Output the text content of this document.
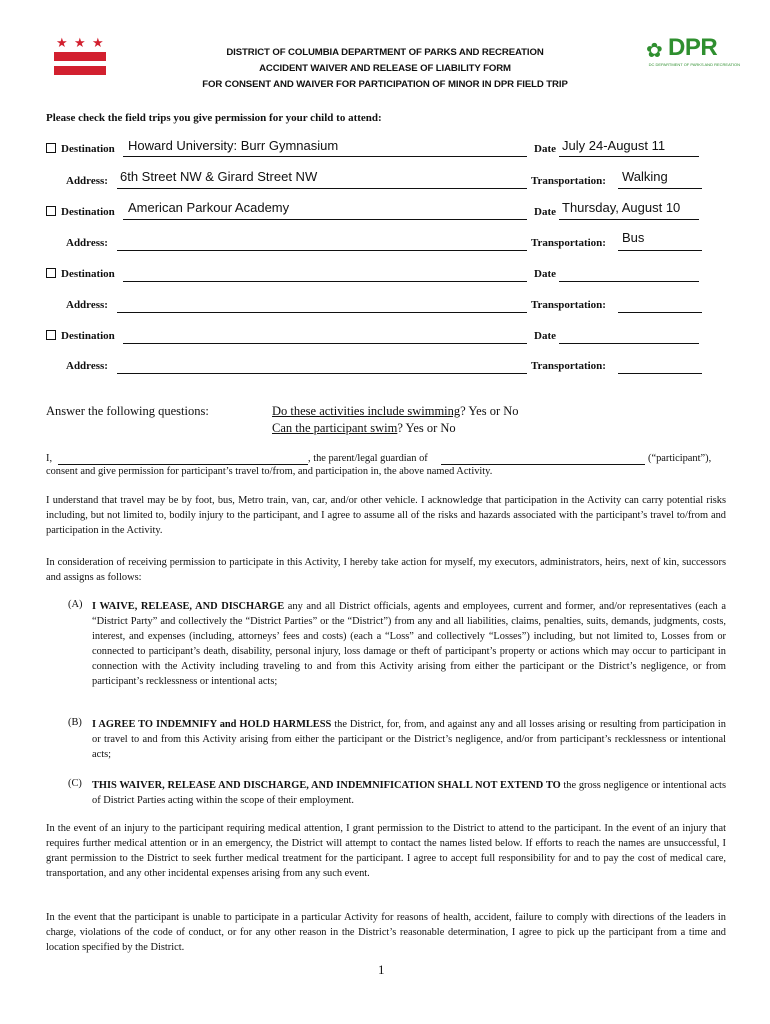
★ ★ ★	✿ DPR
DC DEPARTMENT OF PARKS AND RECREATION
DISTRICT OF COLUMBIA DEPARTMENT OF PARKS AND RECREATION
ACCIDENT WAIVER AND RELEASE OF LIABILITY FORM
FOR CONSENT AND WAIVER FOR PARTICIPATION OF MINOR IN DPR FIELD TRIP
Please check the field trips you give permission for your child to attend:
Destination Howard University: Burr Gymnasium	Date July 24-August 11
Address: 6th Street NW & Girard Street NW	Transportation: Walking
Destination American Parkour Academy	Date Thursday, August 10
Address:	Transportation: Bus
Destination	Date
Address:	Transportation:
Destination	Date
Address:	Transportation:
Answer the following questions:	Do these activities include swimming? Yes or No
Can the participant swim? Yes or No
I,	, the parent/legal guardian of	(“participant”),
consent and give permission for participant’s travel to/from, and participation in, the above named Activity.
I understand that travel may be by foot, bus, Metro train, van, car, and/or other vehicle. I acknowledge that participation in the Activity can carry potential risks including, but not limited to, bodily injury to the participant, and I agree to assume all of the risks and hazards associated with the participant’s travel to/from and participation in the Activity.
In consideration of receiving permission to participate in this Activity, I hereby take action for myself, my executors, administrators, heirs, next of kin, successors and assigns as follows:
(A) I WAIVE, RELEASE, AND DISCHARGE any and all District officials, agents and employees, current and former, and/or representatives (each a “District Party” and collectively the “District Parties” or the “District”) from any and all liabilities, claims, penalties, suits, demands, judgments, costs, interest, and expenses (including, attorneys’ fees and costs) (each a “Loss” and collectively “Losses”) including, but not limited to, Losses from or connected to participant’s death, disability, personal injury, loss damage or theft of participant’s property or actions which may occur to participant in connection with the Activity including traveling to and from this Activity arising from either the participant or the District’s negligence, or from participant’s recklessness or intentional acts;
(B) I AGREE TO INDEMNIFY and HOLD HARMLESS the District, for, from, and against any and all losses arising or resulting from participation in or travel to and from this Activity arising from either the participant or the District’s negligence, and/or from participant’s recklessness or intentional acts;
(C) THIS WAIVER, RELEASE AND DISCHARGE, AND INDEMNIFICATION SHALL NOT EXTEND TO the gross negligence or intentional acts of District Parties acting within the scope of their employment.
In the event of an injury to the participant requiring medical attention, I grant permission to the District to attend to the participant. In the event of an injury that requires further medical attention or in an emergency, the District will attempt to contact the names listed below. If efforts to reach the names are unsuccessful, I grant permission to the District to seek further medical treatment for the participant. I agree to accept full responsibility for and to pay the cost of medical care, transportation, and any other incidental expenses arising from any such event.
In the event that the participant is unable to participate in a particular Activity for reasons of health, accident, failure to comply with directions of the leaders in charge, violations of the code of conduct, or for any other reason in the District’s reasonable determination, I agree to pick up the participant from a time and location specified by the District.
1
